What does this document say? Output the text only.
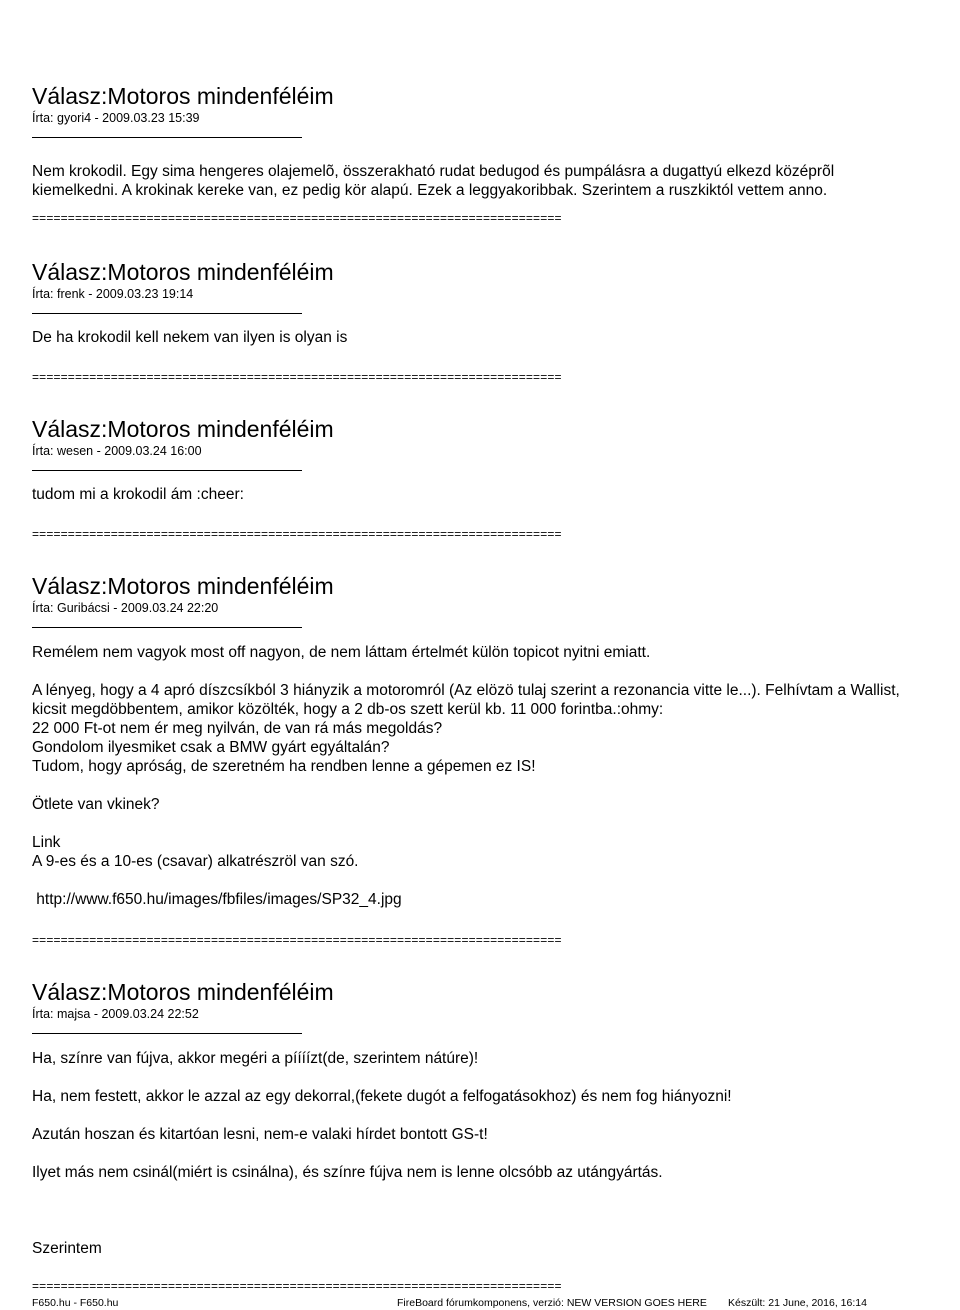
Válasz:Motoros mindenféléim
Írta: gyori4 - 2009.03.23 15:39
Nem krokodil. Egy sima hengeres olajemelõ, összerakható rudat bedugod és pumpálásra a dugattyú elkezd középrõl
kiemelkedni. A krokinak kereke van, ez pedig kör alapú. Ezek a leggyakoribbak. Szerintem a ruszkiktól vettem anno.
==========================================================================
Válasz:Motoros mindenféléim
Írta: frenk - 2009.03.23 19:14
De ha krokodil kell nekem van ilyen is olyan is
==========================================================================
Válasz:Motoros mindenféléim
Írta: wesen - 2009.03.24 16:00
tudom mi a krokodil ám :cheer:
==========================================================================
Válasz:Motoros mindenféléim
Írta: Guribácsi - 2009.03.24 22:20

Remélem nem vagyok most off nagyon, de nem láttam értelmét külön topicot nyitni emiatt.

A lényeg, hogy a 4 apró díszcsíkból 3 hiányzik a motoromról (Az elözö tulaj szerint a rezonancia vitte le...). Felhívtam a Wallist,
kicsit megdöbbentem, amikor közölték, hogy a 2 db-os szett kerül kb. 11 000 forintba.:ohmy:
22 000 Ft-ot nem ér meg nyilván, de van rá más megoldás?
Gondolom ilyesmiket csak a BMW gyárt egyáltalán?
Tudom, hogy apróság, de szeretném ha rendben lenne a gépemen ez IS!

Ötlete van vkinek?

Link
A 9-es és a 10-es (csavar) alkatrészröl van szó.

http://www.f650.hu/images/fbfiles/images/SP32_4.jpg

==========================================================================
Válasz:Motoros mindenféléim
Írta: majsa - 2009.03.24 22:52

Ha, színre van fújva, akkor megéri a píííízt(de, szerintem nátúre)!

Ha, nem festett, akkor le azzal az egy dekorral,(fekete dugót a felfogatásokhoz) és nem fog hiányozni!

Azután hoszan és kitartóan lesni, nem-e valaki hírdet bontott GS-t!

Ilyet más nem csinál(miért is csinálna), és színre fújva nem is lenne olcsóbb az utángyártás.

Szerintem

==========================================================================
F650.hu - F650.hu	FireBoard fórumkomponens, verzió: NEW VERSION GOES HERE Készült: 21 June, 2016, 16:14
